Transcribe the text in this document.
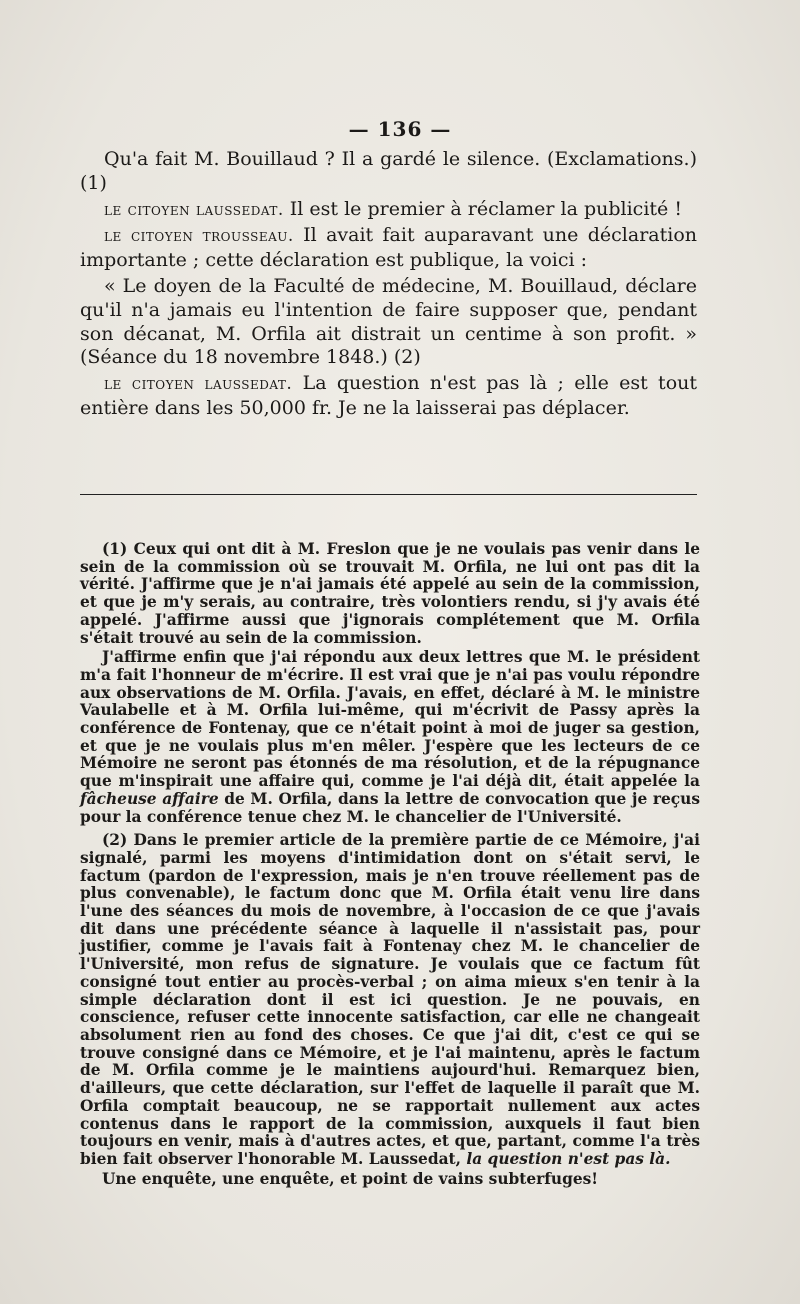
— 136 —

Qu'a fait M. Bouillaud ? Il a gardé le silence. (Exclamations.) (1)

le citoyen laussedat. Il est le premier à réclamer la publicité !

le citoyen trousseau. Il avait fait auparavant une déclaration importante ; cette déclaration est publique, la voici :

« Le doyen de la Faculté de médecine, M. Bouillaud, déclare qu'il n'a jamais eu l'intention de faire supposer que, pendant son décanat, M. Orfila ait distrait un centime à son profit. » (Séance du 18 novembre 1848.) (2)

le citoyen laussedat. La question n'est pas là ; elle est tout entière dans les 50,000 fr. Je ne la laisserai pas déplacer.

(1) Ceux qui ont dit à M. Freslon que je ne voulais pas venir dans le sein de la commission où se trouvait M. Orfila, ne lui ont pas dit la vérité. J'affirme que je n'ai jamais été appelé au sein de la commission, et que je m'y serais, au contraire, très volontiers rendu, si j'y avais été appelé. J'affirme aussi que j'ignorais complétement que M. Orfila s'était trouvé au sein de la commission.

J'affirme enfin que j'ai répondu aux deux lettres que M. le président m'a fait l'honneur de m'écrire. Il est vrai que je n'ai pas voulu répondre aux observations de M. Orfila. J'avais, en effet, déclaré à M. le ministre Vaulabelle et à M. Orfila lui-même, qui m'écrivit de Passy après la conférence de Fontenay, que ce n'était point à moi de juger sa gestion, et que je ne voulais plus m'en mêler. J'espère que les lecteurs de ce Mémoire ne seront pas étonnés de ma résolution, et de la répugnance que m'inspirait une affaire qui, comme je l'ai déjà dit, était appelée la fâcheuse affaire de M. Orfila, dans la lettre de convocation que je reçus pour la conférence tenue chez M. le chancelier de l'Université.

(2) Dans le premier article de la première partie de ce Mémoire, j'ai signalé, parmi les moyens d'intimidation dont on s'était servi, le factum (pardon de l'expression, mais je n'en trouve réellement pas de plus convenable), le factum donc que M. Orfila était venu lire dans l'une des séances du mois de novembre, à l'occasion de ce que j'avais dit dans une précédente séance à laquelle il n'assistait pas, pour justifier, comme je l'avais fait à Fontenay chez M. le chancelier de l'Université, mon refus de signature. Je voulais que ce factum fût consigné tout entier au procès-verbal ; on aima mieux s'en tenir à la simple déclaration dont il est ici question. Je ne pouvais, en conscience, refuser cette innocente satisfaction, car elle ne changeait absolument rien au fond des choses. Ce que j'ai dit, c'est ce qui se trouve consigné dans ce Mémoire, et je l'ai maintenu, après le factum de M. Orfila comme je le maintiens aujourd'hui. Remarquez bien, d'ailleurs, que cette déclaration, sur l'effet de laquelle il paraît que M. Orfila comptait beaucoup, ne se rapportait nullement aux actes contenus dans le rapport de la commission, auxquels il faut bien toujours en venir, mais à d'autres actes, et que, partant, comme l'a très bien fait observer l'honorable M. Laussedat, la question n'est pas là.

Une enquête, une enquête, et point de vains subterfuges!
